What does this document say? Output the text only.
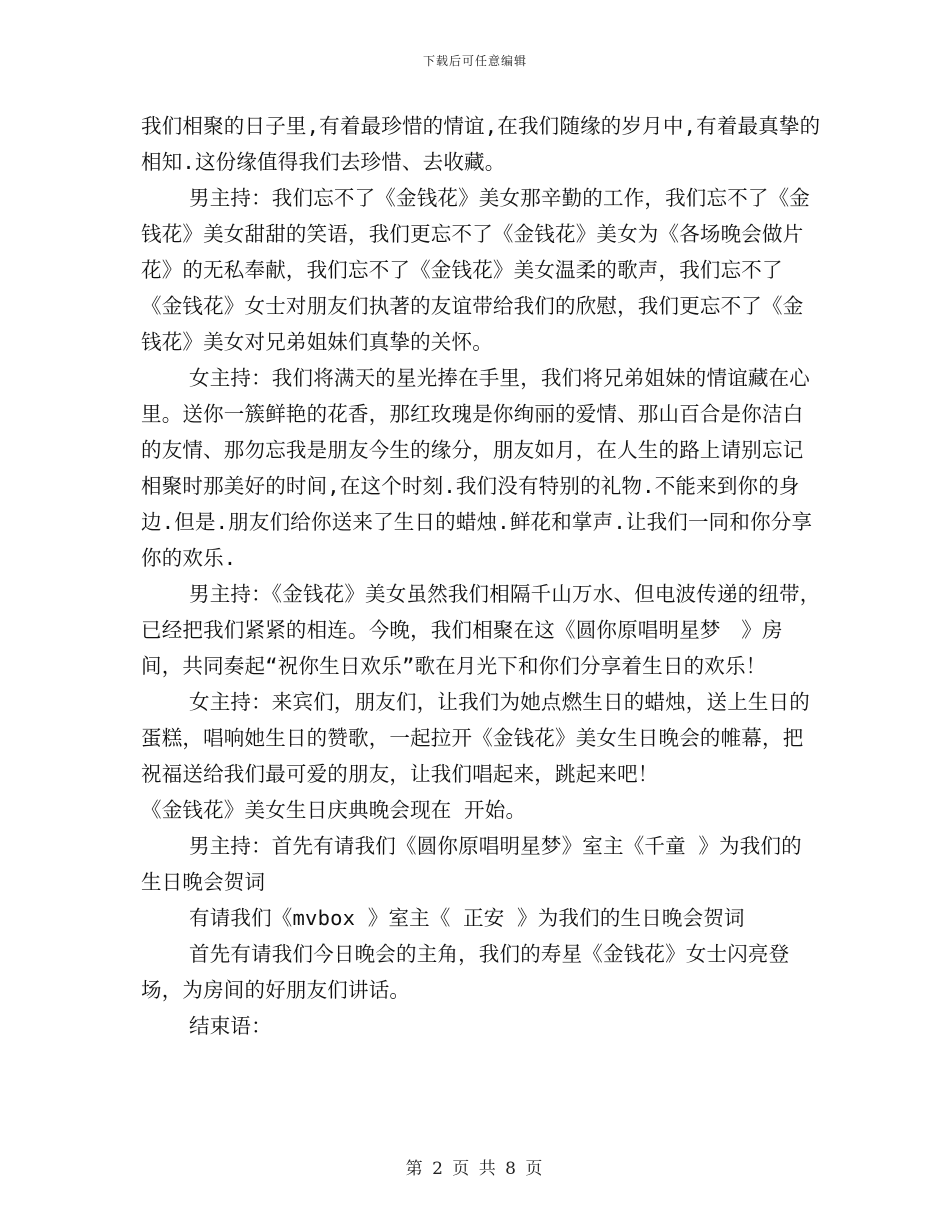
下载后可任意编辑

我们相聚的日子里,有着最珍惜的情谊,在我们随缘的岁月中,有着最真挚的相知.这份缘值得我们去珍惜、去收藏。

男主持：我们忘不了《金钱花》美女那辛勤的工作，我们忘不了《金钱花》美女甜甜的笑语，我们更忘不了《金钱花》美女为《各场晚会做片花》的无私奉献，我们忘不了《金钱花》美女温柔的歌声，我们忘不了《金钱花》女士对朋友们执著的友谊带给我们的欣慰，我们更忘不了《金钱花》美女对兄弟姐妹们真挚的关怀。

女主持：我们将满天的星光捧在手里，我们将兄弟姐妹的情谊藏在心里。送你一簇鲜艳的花香，那红玫瑰是你绚丽的爱情、那山百合是你洁白的友情、那勿忘我是朋友今生的缘分，朋友如月，在人生的路上请别忘记相聚时那美好的时间,在这个时刻.我们没有特别的礼物.不能来到你的身边.但是.朋友们给你送来了生日的蜡烛.鲜花和掌声.让我们一同和你分享你的欢乐.

男主持：《金钱花》美女虽然我们相隔千山万水、但电波传递的纽带，已经把我们紧紧的相连。今晚，我们相聚在这《圆你原唱明星梦　》房间，共同奏起“祝你生日欢乐”歌在月光下和你们分享着生日的欢乐！

女主持：来宾们，朋友们，让我们为她点燃生日的蜡烛，送上生日的蛋糕，唱响她生日的赞歌，一起拉开《金钱花》美女生日晚会的帷幕，把祝福送给我们最可爱的朋友，让我们唱起来，跳起来吧！

《金钱花》美女生日庆典晚会现在 开始。

男主持：首先有请我们《圆你原唱明星梦》室主《千童 》为我们的生日晚会贺词

有请我们《mvbox 》室主《 正安 》为我们的生日晚会贺词

首先有请我们今日晚会的主角，我们的寿星《金钱花》女士闪亮登场，为房间的好朋友们讲话。

结束语：

第 2 页 共 8 页
